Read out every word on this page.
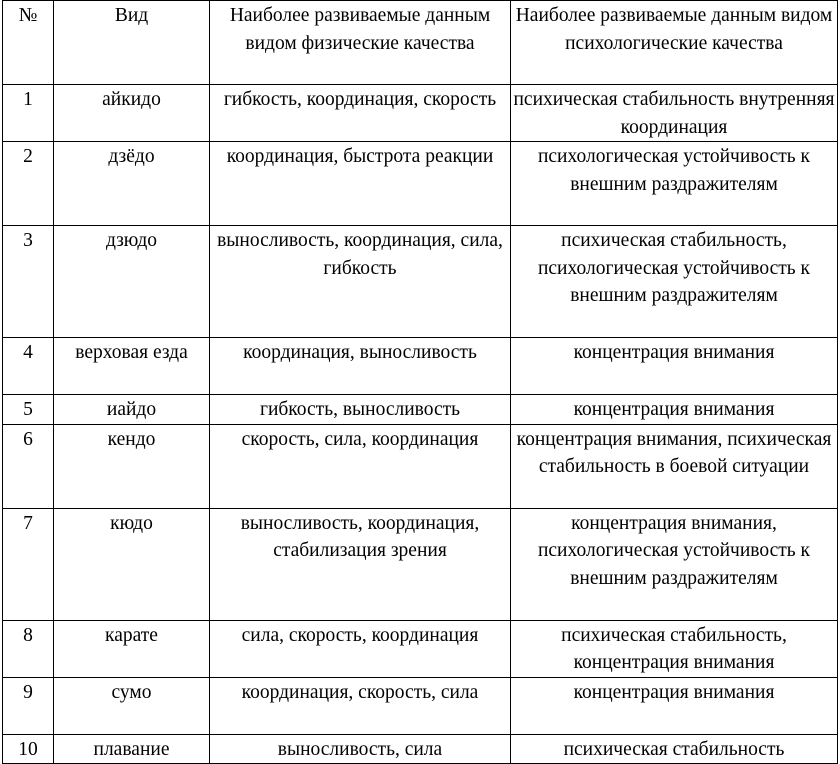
№	Вид	Наиболее развиваемые данным видом физические качества	Наиболее развиваемые данным видом психологические качества
1	айкидо	гибкость, координация, скорость	психическая стабильность внутренняя координация
2	дзёдо	координация, быстрота реакции	психологическая устойчивость к внешним раздражителям
3	дзюдо	выносливость, координация, сила, гибкость	психическая стабильность, психологическая устойчивость к внешним раздражителям
4	верховая езда	координация, выносливость	концентрация внимания
5	иайдо	гибкость, выносливость	концентрация внимания
6	кендо	скорость, сила, координация	концентрация внимания, психическая стабильность в боевой ситуации
7	кюдо	выносливость, координация, стабилизация зрения	концентрация внимания, психологическая устойчивость к внешним раздражителям
8	карате	сила, скорость, координация	психическая стабильность, концентрация внимания
9	сумо	координация, скорость, сила	концентрация внимания
10	плавание	выносливость, сила	психическая стабильность
